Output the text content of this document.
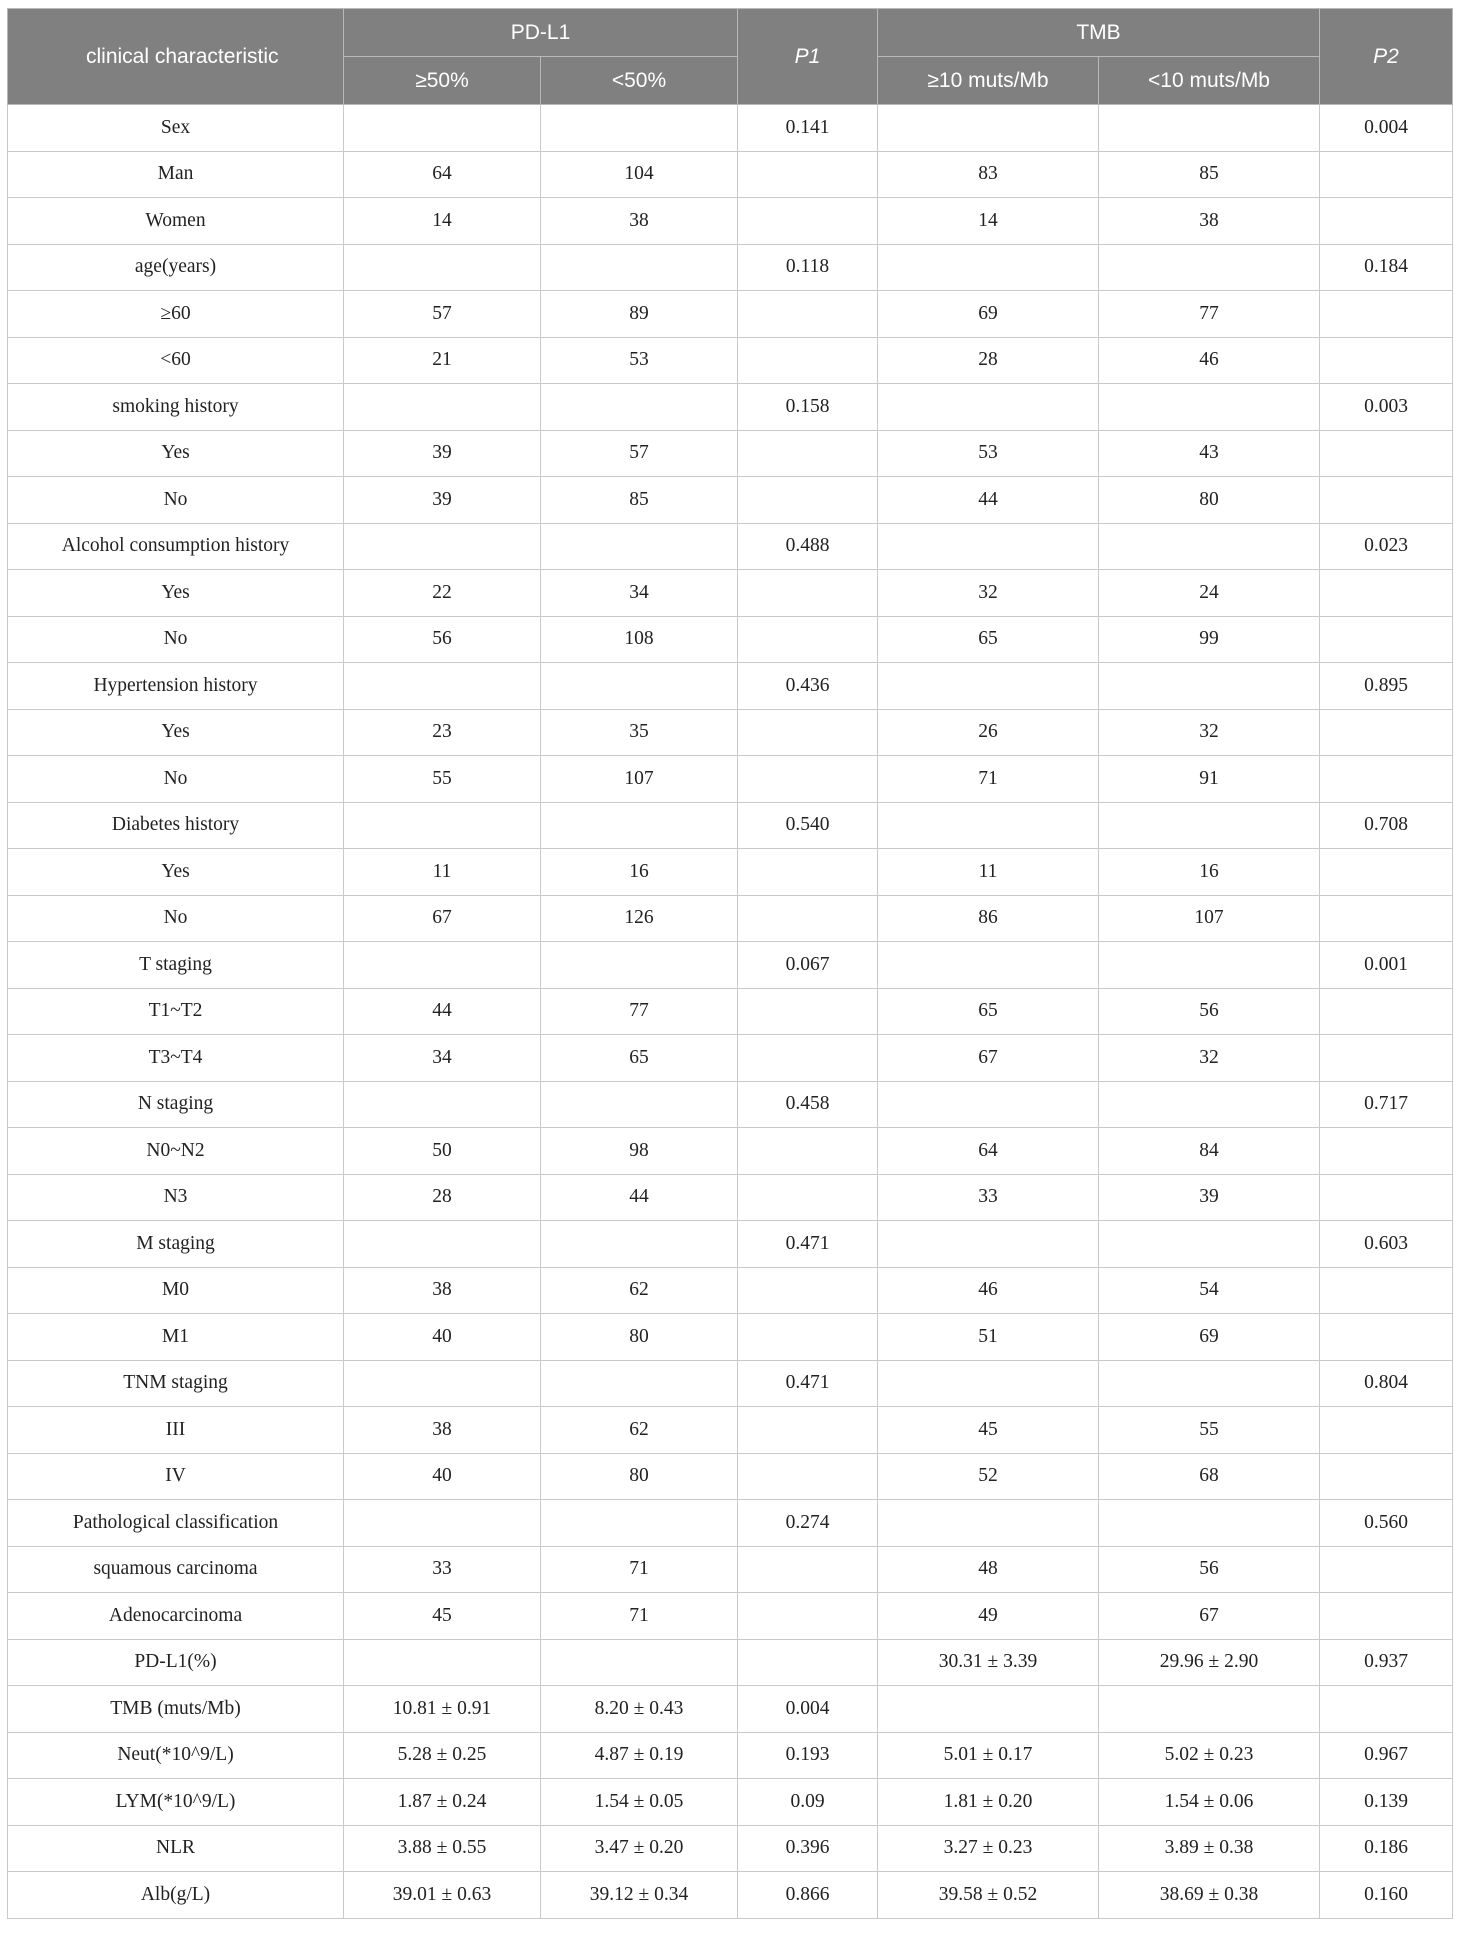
clinical characteristic	PD-L1		P1	TMB		P2
	≥50%	<50%		≥10 muts/Mb	<10 muts/Mb	
Sex			0.141			0.004
Man	64	104		83	85	
Women	14	38		14	38	
age(years)			0.118			0.184
≥60	57	89		69	77	
<60	21	53		28	46	
smoking history			0.158			0.003
Yes	39	57		53	43	
No	39	85		44	80	
Alcohol consumption history			0.488			0.023
Yes	22	34		32	24	
No	56	108		65	99	
Hypertension history			0.436			0.895
Yes	23	35		26	32	
No	55	107		71	91	
Diabetes history			0.540			0.708
Yes	11	16		11	16	
No	67	126		86	107	
T staging			0.067			0.001
T1~T2	44	77		65	56	
T3~T4	34	65		67	32	
N staging			0.458			0.717
N0~N2	50	98		64	84	
N3	28	44		33	39	
M staging			0.471			0.603
M0	38	62		46	54	
M1	40	80		51	69	
TNM staging			0.471			0.804
III	38	62		45	55	
IV	40	80		52	68	
Pathological classification			0.274			0.560
squamous carcinoma	33	71		48	56	
Adenocarcinoma	45	71		49	67	
PD-L1(%)				30.31 ± 3.39	29.96 ± 2.90	0.937
TMB (muts/Mb)	10.81 ± 0.91	8.20 ± 0.43	0.004			
Neut(*10^9/L)	5.28 ± 0.25	4.87 ± 0.19	0.193	5.01 ± 0.17	5.02 ± 0.23	0.967
LYM(*10^9/L)	1.87 ± 0.24	1.54 ± 0.05	0.09	1.81 ± 0.20	1.54 ± 0.06	0.139
NLR	3.88 ± 0.55	3.47 ± 0.20	0.396	3.27 ± 0.23	3.89 ± 0.38	0.186
Alb(g/L)	39.01 ± 0.63	39.12 ± 0.34	0.866	39.58 ± 0.52	38.69 ± 0.38	0.160
